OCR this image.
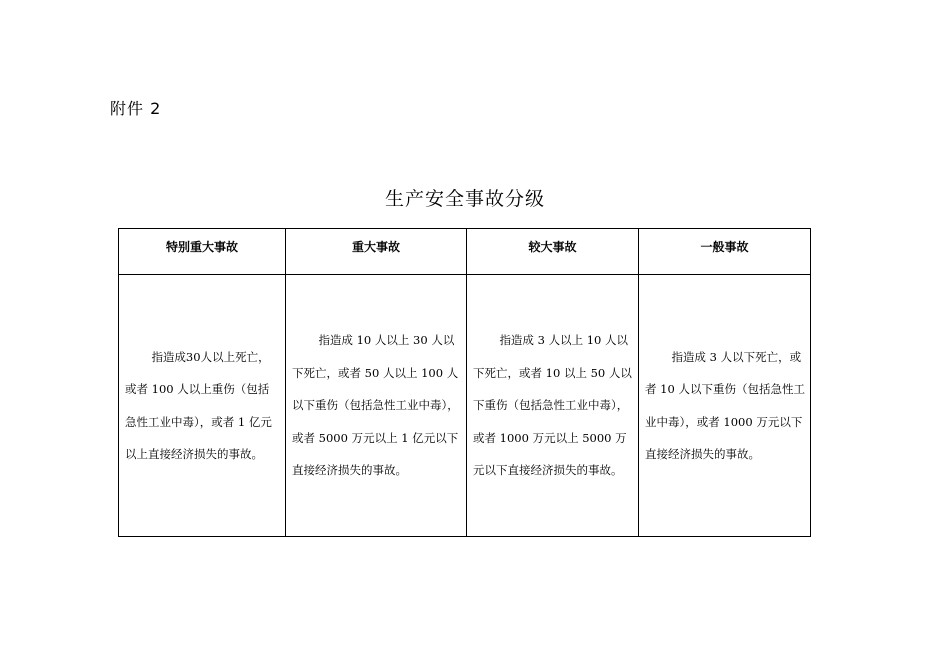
附件 2
生产安全事故分级
特别重大事故	重大事故	较大事故	一般事故

指造成30人以上死亡，或者 100 人以上重伤（包括急性工业中毒），或者 1 亿元以上直接经济损失的事故。	指造成 10 人以上 30 人以下死亡，或者 50 人以上 100 人以下重伤（包括急性工业中毒），或者 5000 万元以上 1 亿元以下直接经济损失的事故。	指造成 3 人以上 10 人以下死亡，或者 10 以上 50 人以下重伤（包括急性工业中毒），或者 1000 万元以上 5000 万元以下直接经济损失的事故。	指造成 3 人以下死亡，或者 10 人以下重伤（包括急性工业中毒），或者 1000 万元以下直接经济损失的事故。
